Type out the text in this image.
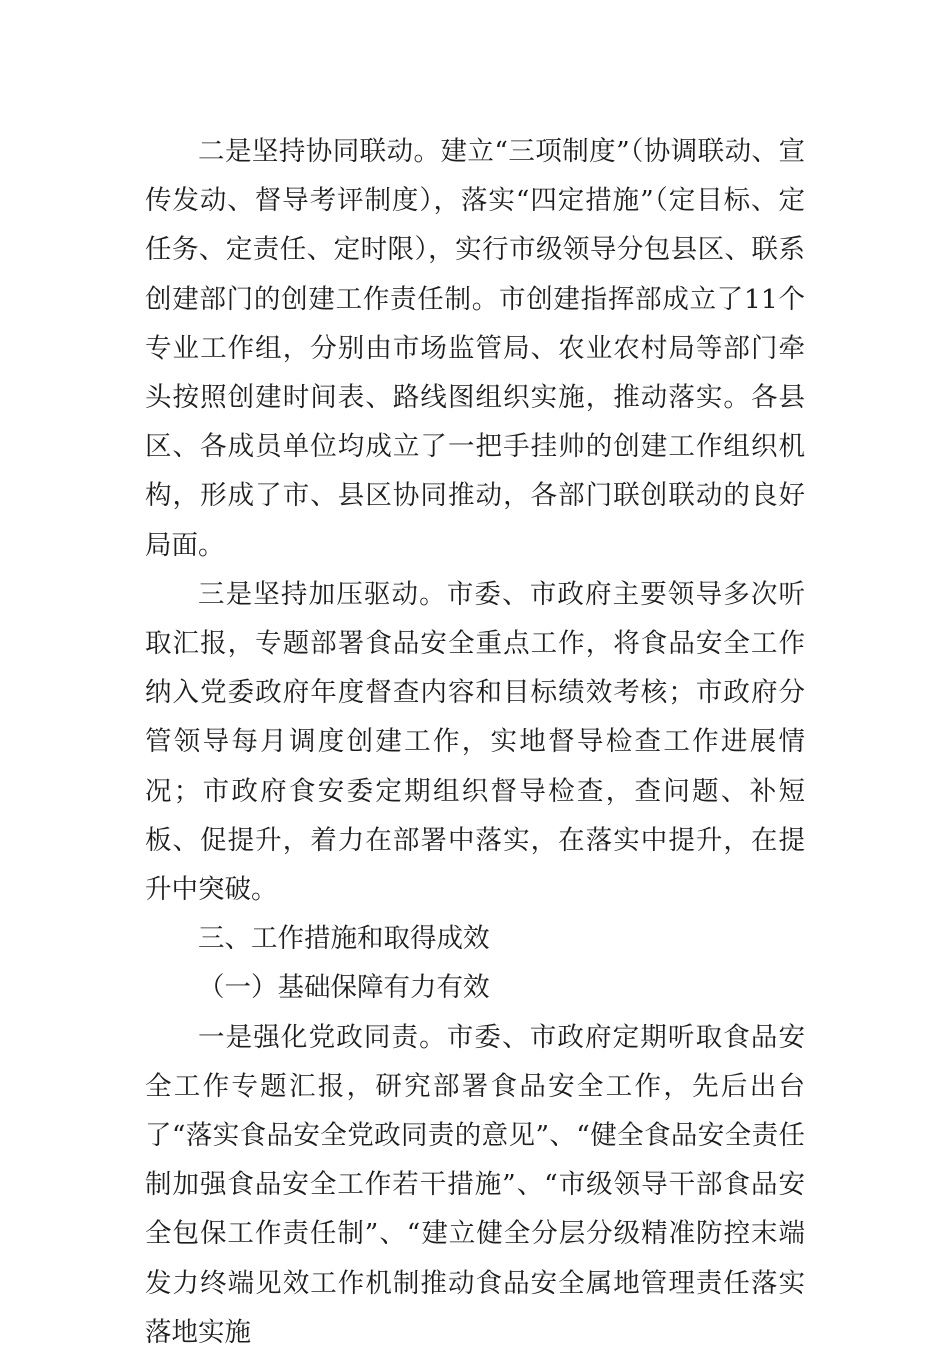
二是坚持协同联动。建立“三项制度”（协调联动、宣传发动、督导考评制度），落实“四定措施”（定目标、定任务、定责任、定时限），实行市级领导分包县区、联系创建部门的创建工作责任制。市创建指挥部成立了11个专业工作组，分别由市场监管局、农业农村局等部门牵头按照创建时间表、路线图组织实施，推动落实。各县区、各成员单位均成立了一把手挂帅的创建工作组织机构，形成了市、县区协同推动，各部门联创联动的良好局面。

三是坚持加压驱动。市委、市政府主要领导多次听取汇报，专题部署食品安全重点工作，将食品安全工作纳入党委政府年度督查内容和目标绩效考核；市政府分管领导每月调度创建工作，实地督导检查工作进展情况；市政府食安委定期组织督导检查，查问题、补短板、促提升，着力在部署中落实，在落实中提升，在提升中突破。

三、工作措施和取得成效

（一）基础保障有力有效

一是强化党政同责。市委、市政府定期听取食品安全工作专题汇报，研究部署食品安全工作，先后出台了“落实食品安全党政同责的意见”、“健全食品安全责任制加强食品安全工作若干措施”、“市级领导干部食品安全包保工作责任制”、“建立健全分层分级精准防控末端发力终端见效工作机制推动食品安全属地管理责任落实落地实施
